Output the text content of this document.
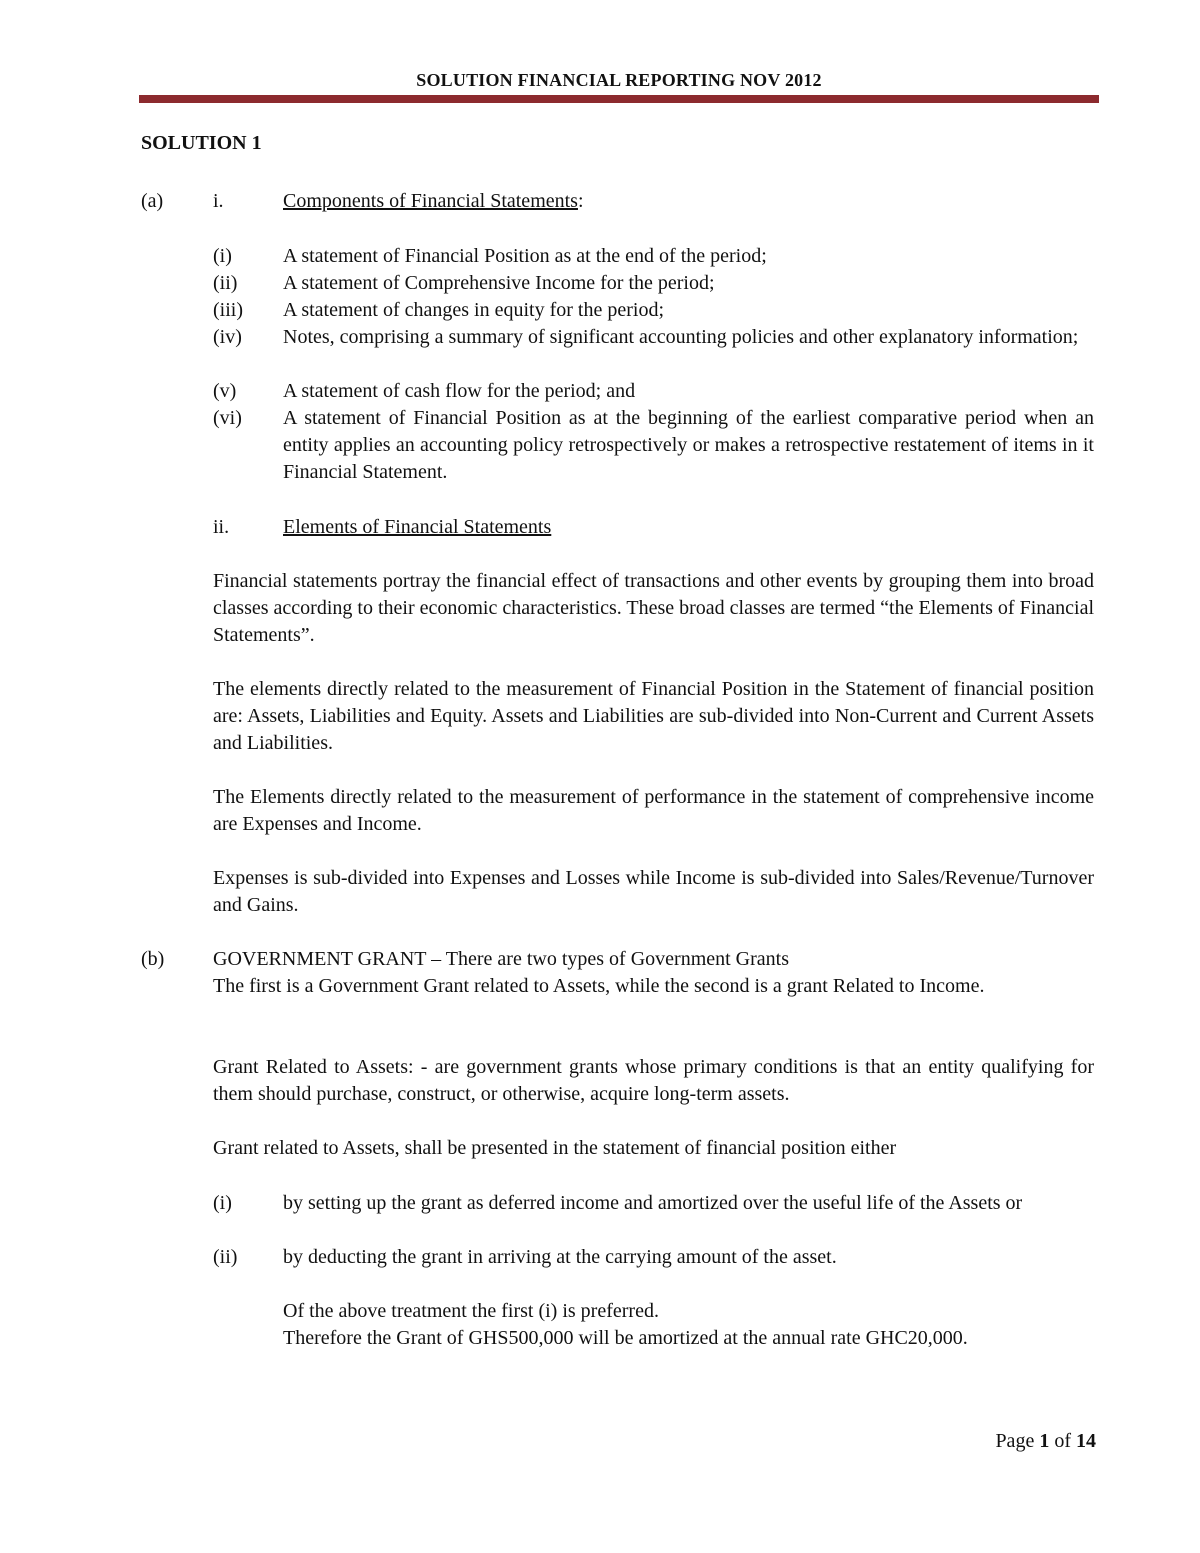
SOLUTION FINANCIAL REPORTING NOV 2012
SOLUTION 1
(a) i.	Components of Financial Statements:
(i)	A statement of Financial Position as at the end of the period;
(ii) A statement of Comprehensive Income for the period;
(iii) A statement of changes in equity for the period;
(iv) Notes, comprising a summary of significant accounting policies and other explanatory information;
(v) A statement of cash flow for the period; and
(vi) A statement of Financial Position as at the beginning of the earliest comparative period when an entity applies an accounting policy retrospectively or makes a retrospective restatement of items in it Financial Statement.
ii.	Elements of Financial Statements
Financial statements portray the financial effect of transactions and other events by grouping them into broad classes according to their economic characteristics. These broad classes are termed “the Elements of Financial Statements”.
The elements directly related to the measurement of Financial Position in the Statement of financial position are: Assets, Liabilities and Equity. Assets and Liabilities are sub-divided into Non-Current and Current Assets and Liabilities.
The Elements directly related to the measurement of performance in the statement of comprehensive income are Expenses and Income.
Expenses is sub-divided into Expenses and Losses while Income is sub-divided into Sales/Revenue/Turnover and Gains.
(b) GOVERNMENT GRANT – There are two types of Government Grants
The first is a Government Grant related to Assets, while the second is a grant Related to Income.
Grant Related to Assets: - are government grants whose primary conditions is that an entity qualifying for them should purchase, construct, or otherwise, acquire long-term assets.
Grant related to Assets, shall be presented in the statement of financial position either
(i)	by setting up the grant as deferred income and amortized over the useful life of the Assets or
(ii) by deducting the grant in arriving at the carrying amount of the asset.
Of the above treatment the first (i) is preferred.
Therefore the Grant of GHS500,000 will be amortized at the annual rate GHC20,000.
Page 1 of 14
